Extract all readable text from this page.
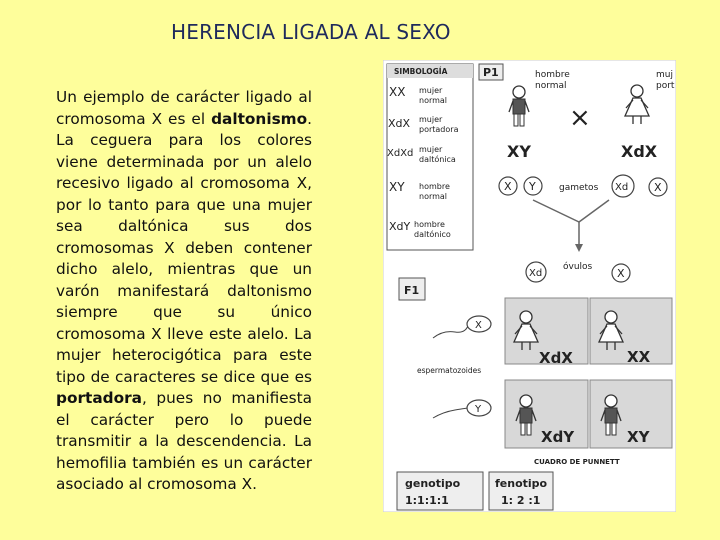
HERENCIA LIGADA AL SEXO
Un ejemplo de carácter ligado al cromosoma X es el daltonismo. La ceguera para los colores viene determinada por un alelo recesivo ligado al cromosoma X, por lo tanto para que una mujer sea daltónica sus dos cromosomas X deben contener dicho alelo, mientras que un varón manifestará daltonismo siempre que su único cromosoma X lleve este alelo. La mujer heterocigótica para este tipo de caracteres se dice que es portadora, pues no manifiesta el carácter pero lo puede transmitir a la descendencia. La hemofilia también es un carácter asociado al cromosoma X.
SIMBOLOGÍA
XX mujer
normal
XdX mujer
portadora
XdXd mujer
daltónica
XY hombre
normal
XdY hombre
daltónico
P1	hombre
normal
muj
port
×
XY	XdX
X Y	gametos Xd X
F1
Xd
óvulos X
X
espermatozoides
Y
XdX	XX
XdY	XY
CUADRO DE PUNNETT
genotipo
1:1:1:1
fenotipo
1: 2 :1
